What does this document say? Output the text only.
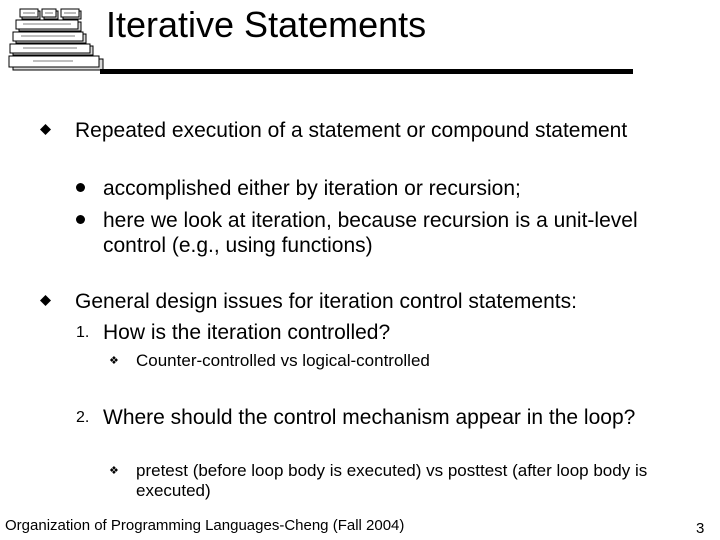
Iterative Statements
Repeated execution of a statement or compound statement
accomplished either by iteration or recursion;
here we look at iteration, because recursion is a unit-level control (e.g., using functions)
General design issues for iteration control statements:
1. How is the iteration controlled?
❖ Counter-controlled vs logical-controlled
2. Where should the control mechanism appear in the loop?
❖ pretest (before loop body is executed) vs posttest (after loop body is executed)
Organization of Programming Languages-Cheng (Fall 2004)	3
